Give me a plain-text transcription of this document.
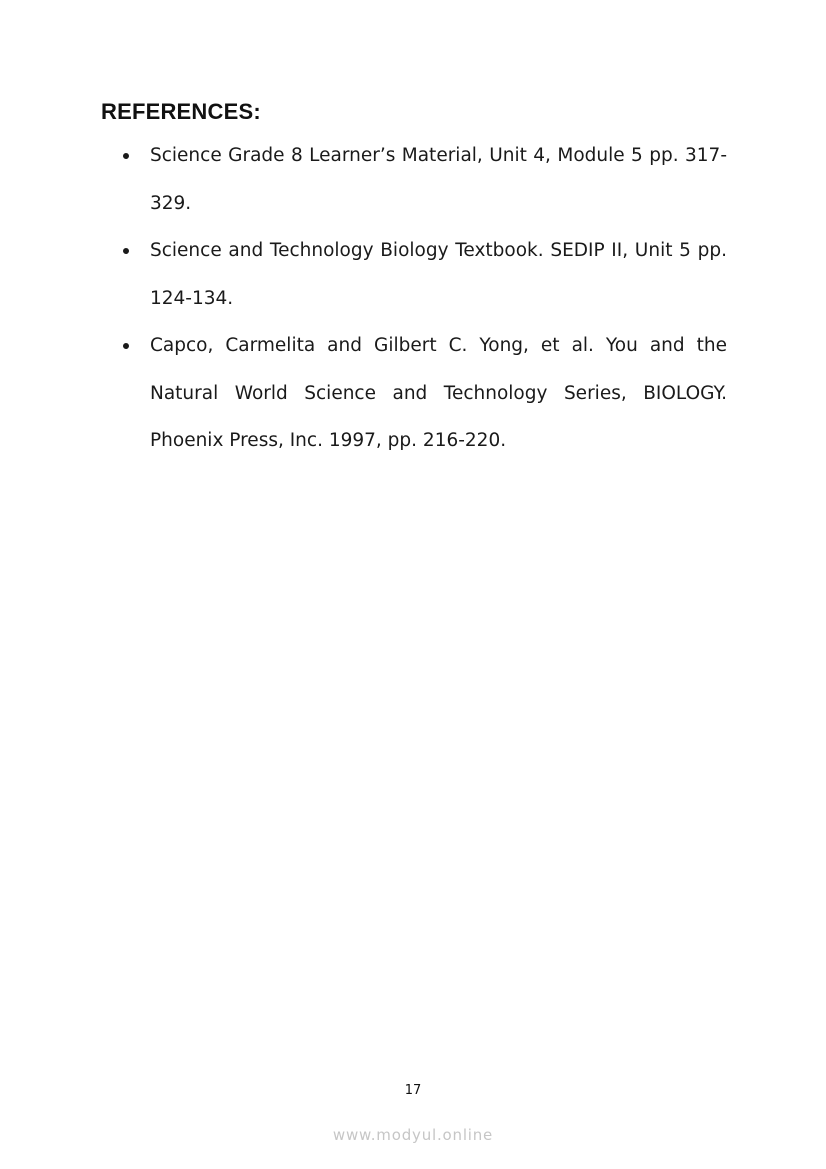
REFERENCES:
Science Grade 8 Learner’s Material, Unit 4, Module 5 pp. 317-329.
Science and Technology Biology Textbook. SEDIP II, Unit 5 pp. 124-134.
Capco, Carmelita and Gilbert C. Yong, et al. You and the Natural World Science and Technology Series, BIOLOGY. Phoenix Press, Inc. 1997, pp. 216-220.
17
www.modyul.online
